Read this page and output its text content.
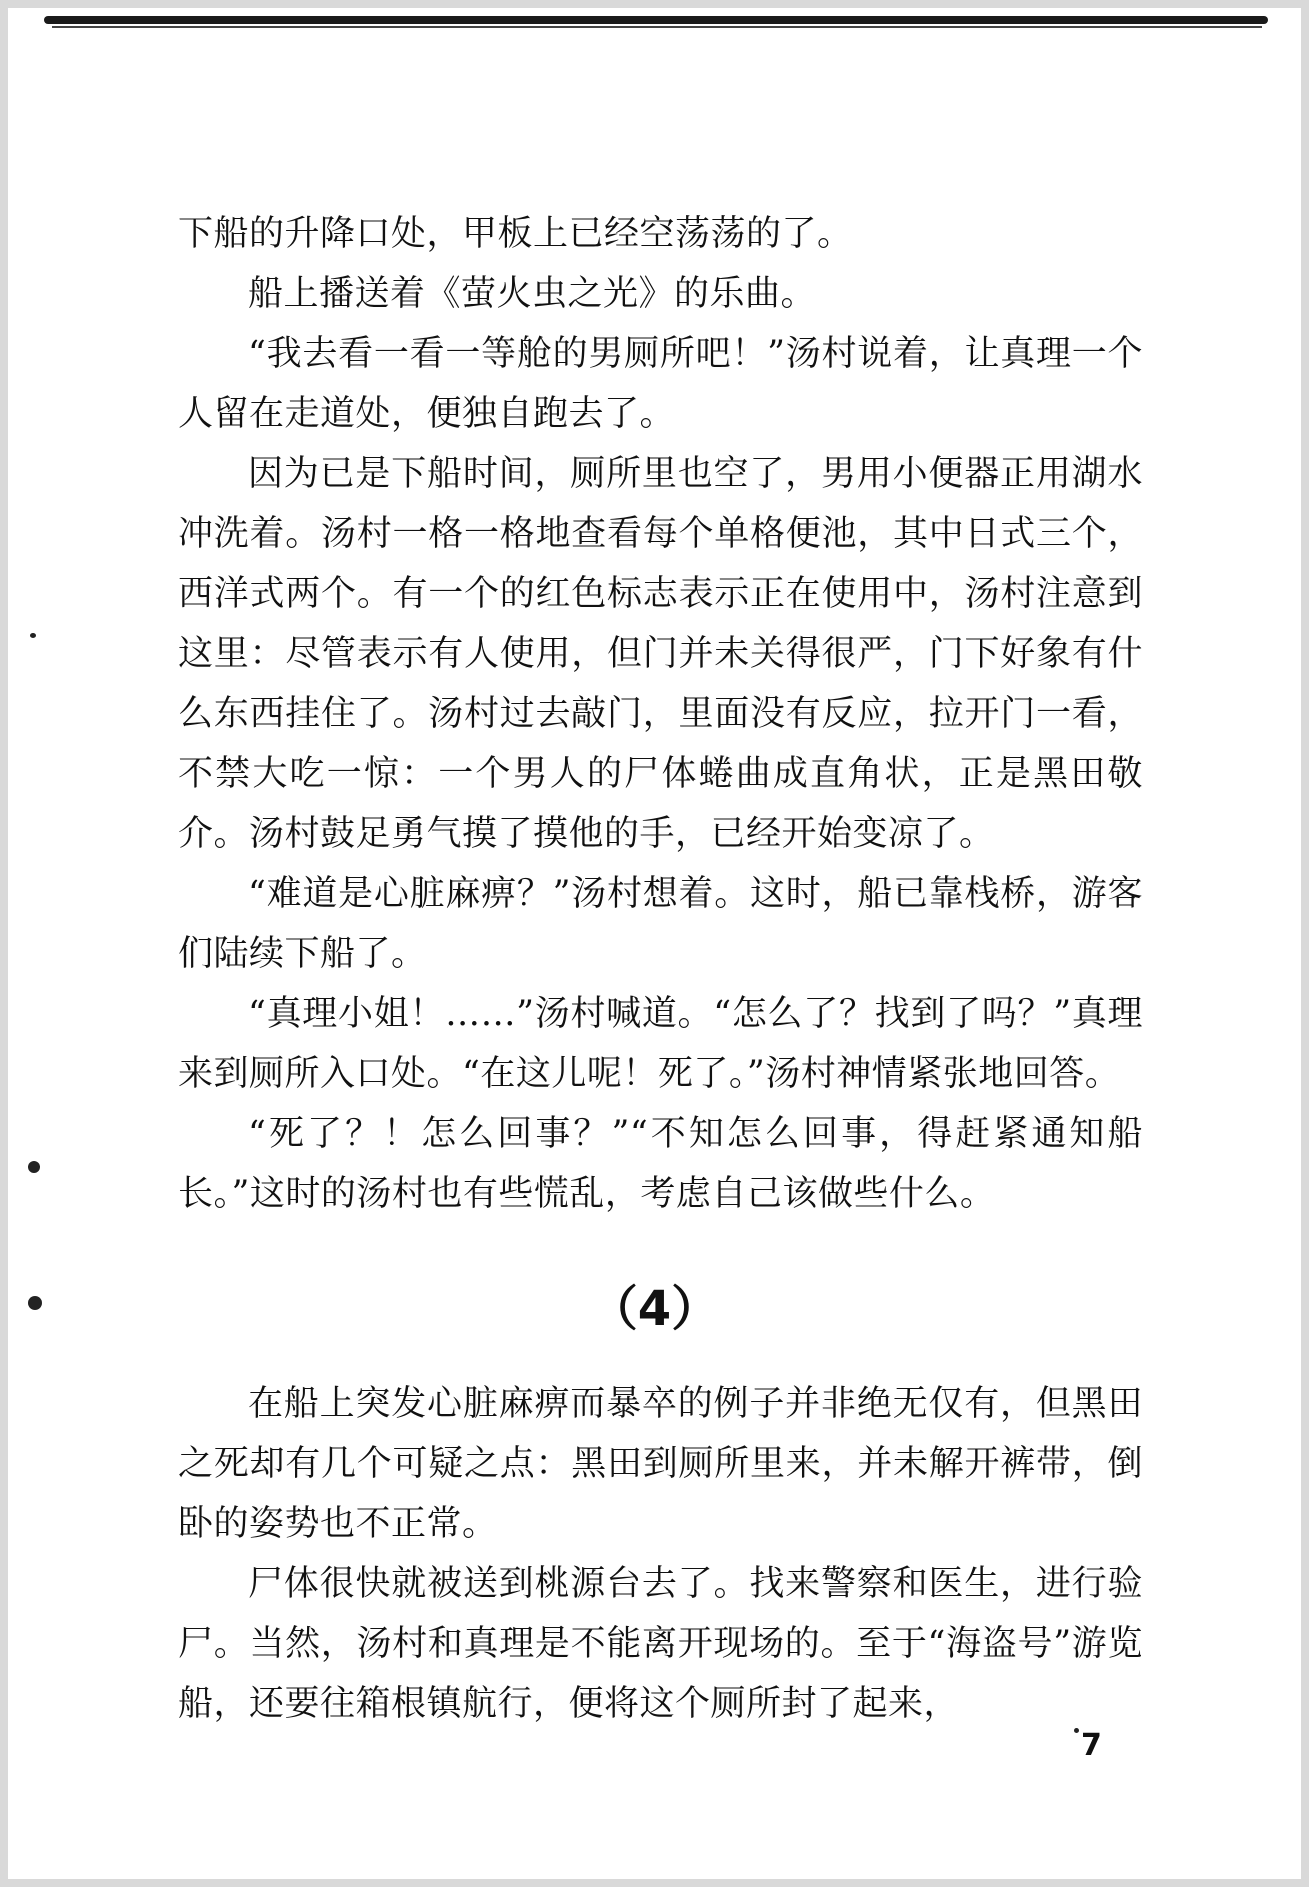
下船的升降口处，甲板上已经空荡荡的了。

船上播送着《萤火虫之光》的乐曲。

“我去看一看一等舱的男厕所吧！”汤村说着，让真理一个人留在走道处，便独自跑去了。

因为已是下船时间，厕所里也空了，男用小便器正用湖水冲洗着。汤村一格一格地查看每个单格便池，其中日式三个，西洋式两个。有一个的红色标志表示正在使用中，汤村注意到这里：尽管表示有人使用，但门并未关得很严，门下好象有什么东西挂住了。汤村过去敲门，里面没有反应，拉开门一看，不禁大吃一惊：一个男人的尸体蜷曲成直角状，正是黑田敬介。汤村鼓足勇气摸了摸他的手，已经开始变凉了。

“难道是心脏麻痹？”汤村想着。这时，船已靠栈桥，游客们陆续下船了。

“真理小姐！……”汤村喊道。“怎么了？找到了吗？”真理来到厕所入口处。“在这儿呢！死了。”汤村神情紧张地回答。

“死了？！怎么回事？”“不知怎么回事，得赶紧通知船长。”这时的汤村也有些慌乱，考虑自己该做些什么。

（4）

在船上突发心脏麻痹而暴卒的例子并非绝无仅有，但黑田之死却有几个可疑之点：黑田到厕所里来，并未解开裤带，倒卧的姿势也不正常。

尸体很快就被送到桃源台去了。找来警察和医生，进行验尸。当然，汤村和真理是不能离开现场的。至于“海盗号”游览船，还要往箱根镇航行，便将这个厕所封了起来，

7
